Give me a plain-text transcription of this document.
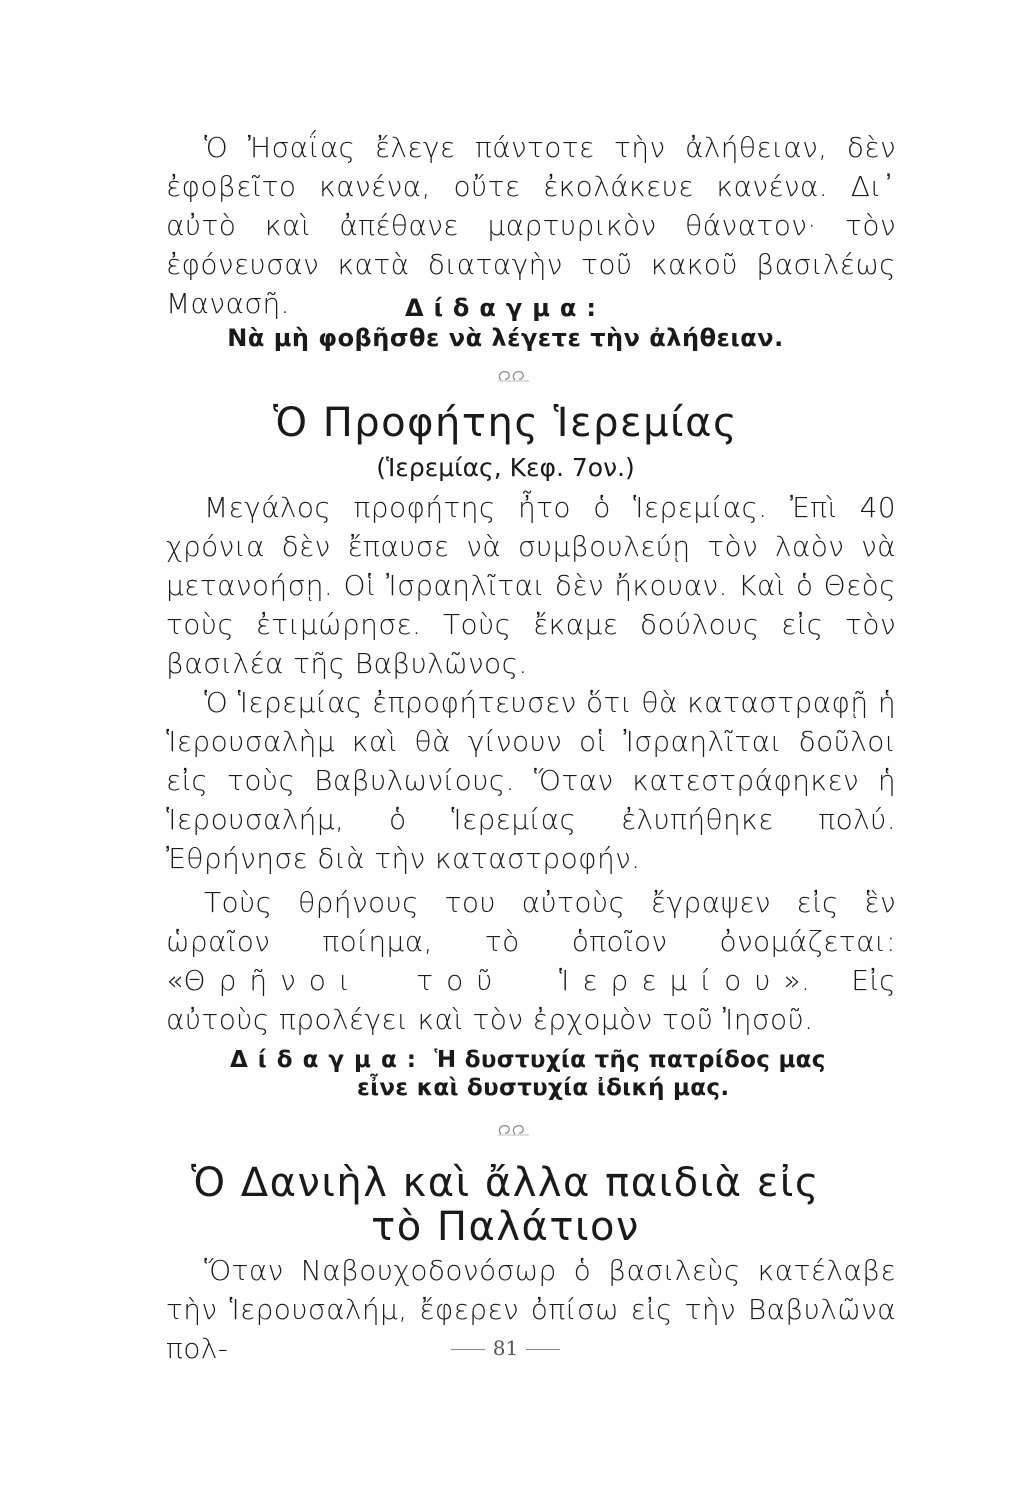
Ὁ Ἠσαΐας ἔλεγε πάντοτε τὴν ἀλήθειαν, δὲν ἐφοβεῖτο κανένα, οὔτε ἐκολάκευε κανένα. Δι᾽ αὐτὸ καὶ ἀπέθανε μαρτυρικὸν θάνατον· τὸν ἐφόνευσαν κατὰ διαταγὴν τοῦ κακοῦ βασιλέως Μανασῆ.	Δίδαγμα:

Νὰ μὴ φοβῆσθε νὰ λέγετε τὴν ἀλήθειαν.

Ὁ Προφήτης Ἱερεμίας

(Ἱερεμίας, Κεφ. 7ον.)

Μεγάλος προφήτης ἦτο ὁ Ἱερεμίας. Ἐπὶ 40 χρόνια δὲν ἔπαυσε νὰ συμβουλεύῃ τὸν λαὸν νὰ μετανοήσῃ. Οἱ Ἰσραηλῖται δὲν ἤκουαν. Καὶ ὁ Θεὸς τοὺς ἐτιμώρησε. Τοὺς ἔκαμε δούλους εἰς τὸν βασιλέα τῆς Βαβυλῶνος.

Ὁ Ἱερεμίας ἐπροφήτευσεν ὅτι θὰ καταστραφῇ ἡ Ἱερουσαλὴμ καὶ θὰ γίνουν οἱ Ἰσραηλῖται δοῦλοι εἰς τοὺς Βαβυλωνίους. Ὅταν κατεστράφηκεν ἡ Ἱερουσαλήμ, ὁ Ἱερεμίας ἐλυπήθηκε πολύ. Ἐθρήνησε διὰ τὴν καταστροφήν.

Τοὺς θρήνους του αὐτοὺς ἔγραψεν εἰς ἓν ὡραῖον ποίημα, τὸ ὁποῖον ὀνομάζεται: «Θρῆνοι τοῦ Ἱερεμίου». Εἰς αὐτοὺς προλέγει καὶ τὸν ἐρχομὸν τοῦ Ἰησοῦ.

Δίδαγμα: Ἡ δυστυχία τῆς πατρίδος μας
εἶνε καὶ δυστυχία ἰδική μας.

Ὁ Δανιὴλ καὶ ἄλλα παιδιὰ εἰς
τὸ Παλάτιον

Ὅταν Ναβουχοδονόσωρ ὁ βασιλεὺς κατέλαβε τὴν Ἱερουσαλήμ, ἔφερεν ὀπίσω εἰς τὴν Βαβυλῶνα πολ-	81
